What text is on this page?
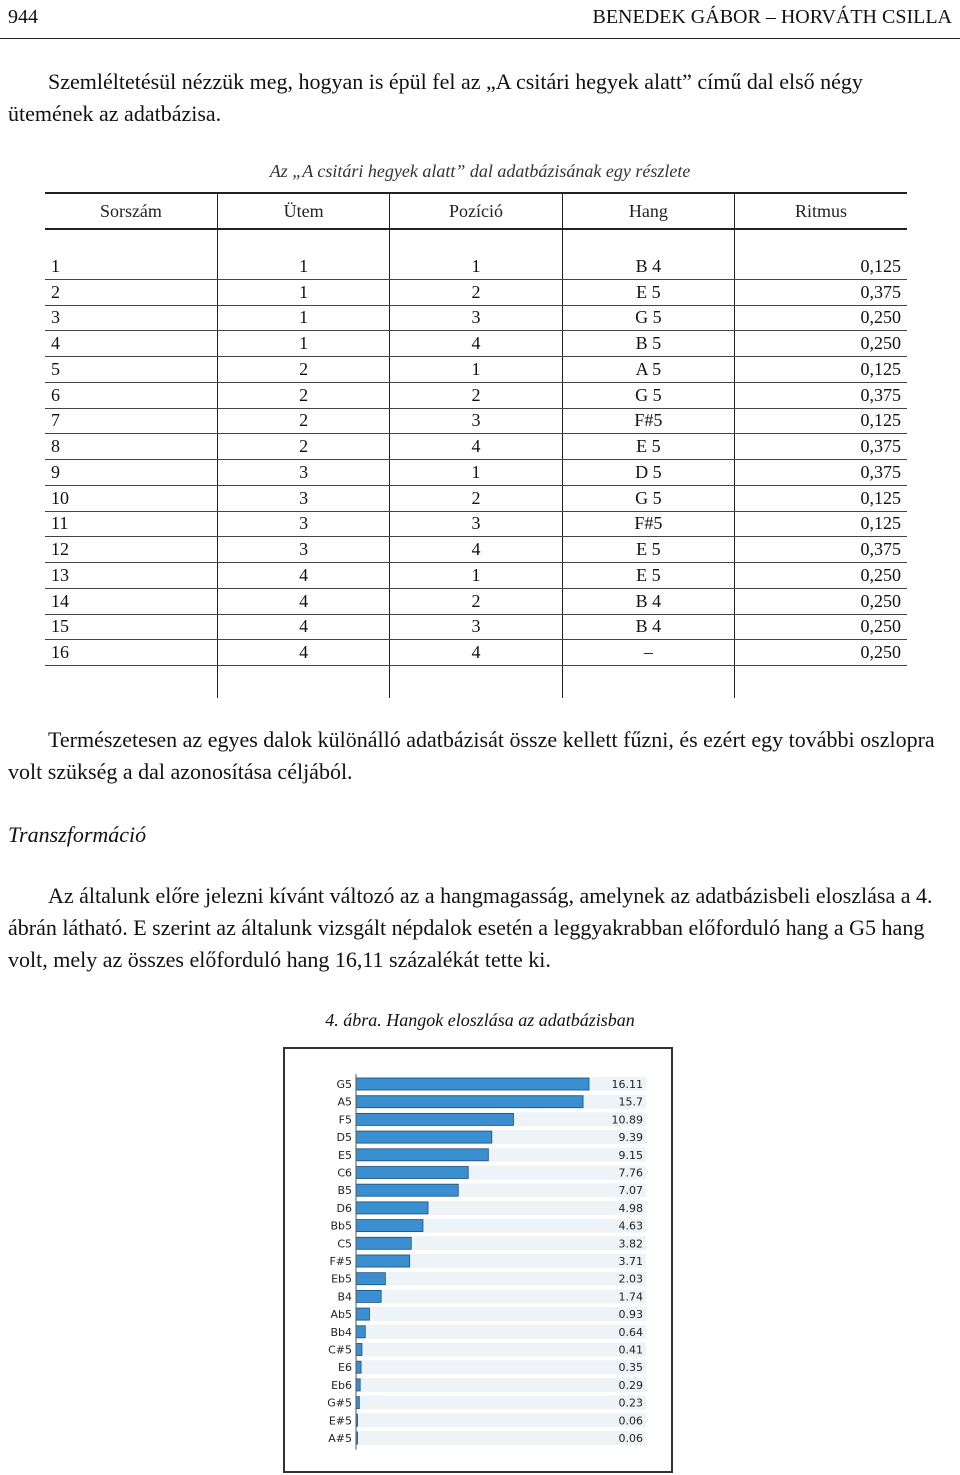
944	BENEDEK GÁBOR – HORVÁTH CSILLA

Szemléltetésül nézzük meg, hogyan is épül fel az „A csitári hegyek alatt” című dal első négy ütemének az adatbázisa.

Az „A csitári hegyek alatt” dal adatbázisának egy részlete
Sorszám	Ütem	Pozíció	Hang	Ritmus

1	1	1	B 4	0,125
2	1	2	E 5	0,375
3	1	3	G 5	0,250
4	1	4	B 5	0,250
5	2	1	A 5	0,125
6	2	2	G 5	0,375
7	2	3	F#5	0,125
8	2	4	E 5	0,375
9	3	1	D 5	0,375
10	3	2	G 5	0,125
11	3	3	F#5	0,125
12	3	4	E 5	0,375
13	4	1	E 5	0,250
14	4	2	B 4	0,250
15	4	3	B 4	0,250
16	4	4	–	0,250

Természetesen az egyes dalok különálló adatbázisát össze kellett fűzni, és ezért egy további oszlopra volt szükség a dal azonosítása céljából.

Transzformáció

Az általunk előre jelezni kívánt változó az a hangmagasság, amelynek az adatbázisbeli eloszlása a 4. ábrán látható. E szerint az általunk vizsgált népdalok esetén a leggyakrabban előforduló hang a G5 hang volt, mely az összes előforduló hang 16,11 százalékát tette ki.

4. ábra. Hangok eloszlása az adatbázisban
G5	16.11
A5	15.7
F5	10.89
D5	9.39
E5	9.15
C6	7.76
B5	7.07
D6	4.98
Bb5	4.63
C5	3.82
F#5	3.71
Eb5	2.03
B4	1.74
Ab5	0.93
Bb4	0.64
C#5	0.41
E6	0.35
Eb6	0.29
G#5	0.23
E#5	0.06
A#5	0.06
